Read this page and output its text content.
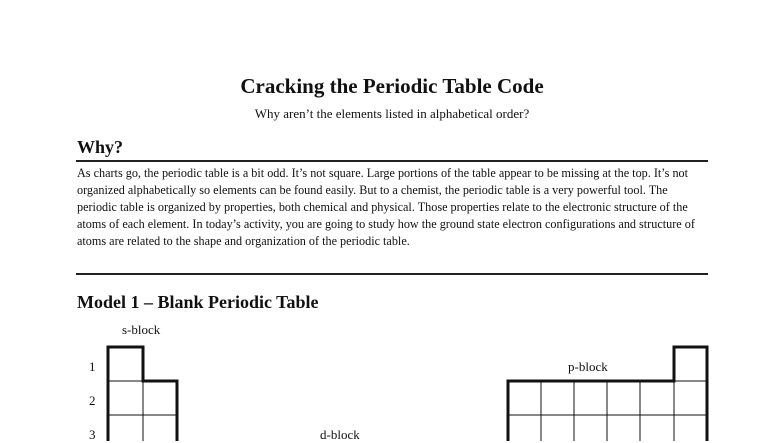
Cracking the Periodic Table Code
Why aren’t the elements listed in alphabetical order?
Why?

As charts go, the periodic table is a bit odd. It’s not square. Large portions of the table appear to be missing at the top. It’s not organized alphabetically so elements can be found easily. But to a chemist, the periodic table is a very powerful tool. The periodic table is organized by properties, both chemical and physical. Those properties relate to the electronic structure of the atoms of each element. In today’s activity, you are going to study how the ground state electron configurations and structure of atoms are related to the shape and organization of the periodic table.

Model 1 – Blank Periodic Table
s-block
p-block
d-block
1
2
3
